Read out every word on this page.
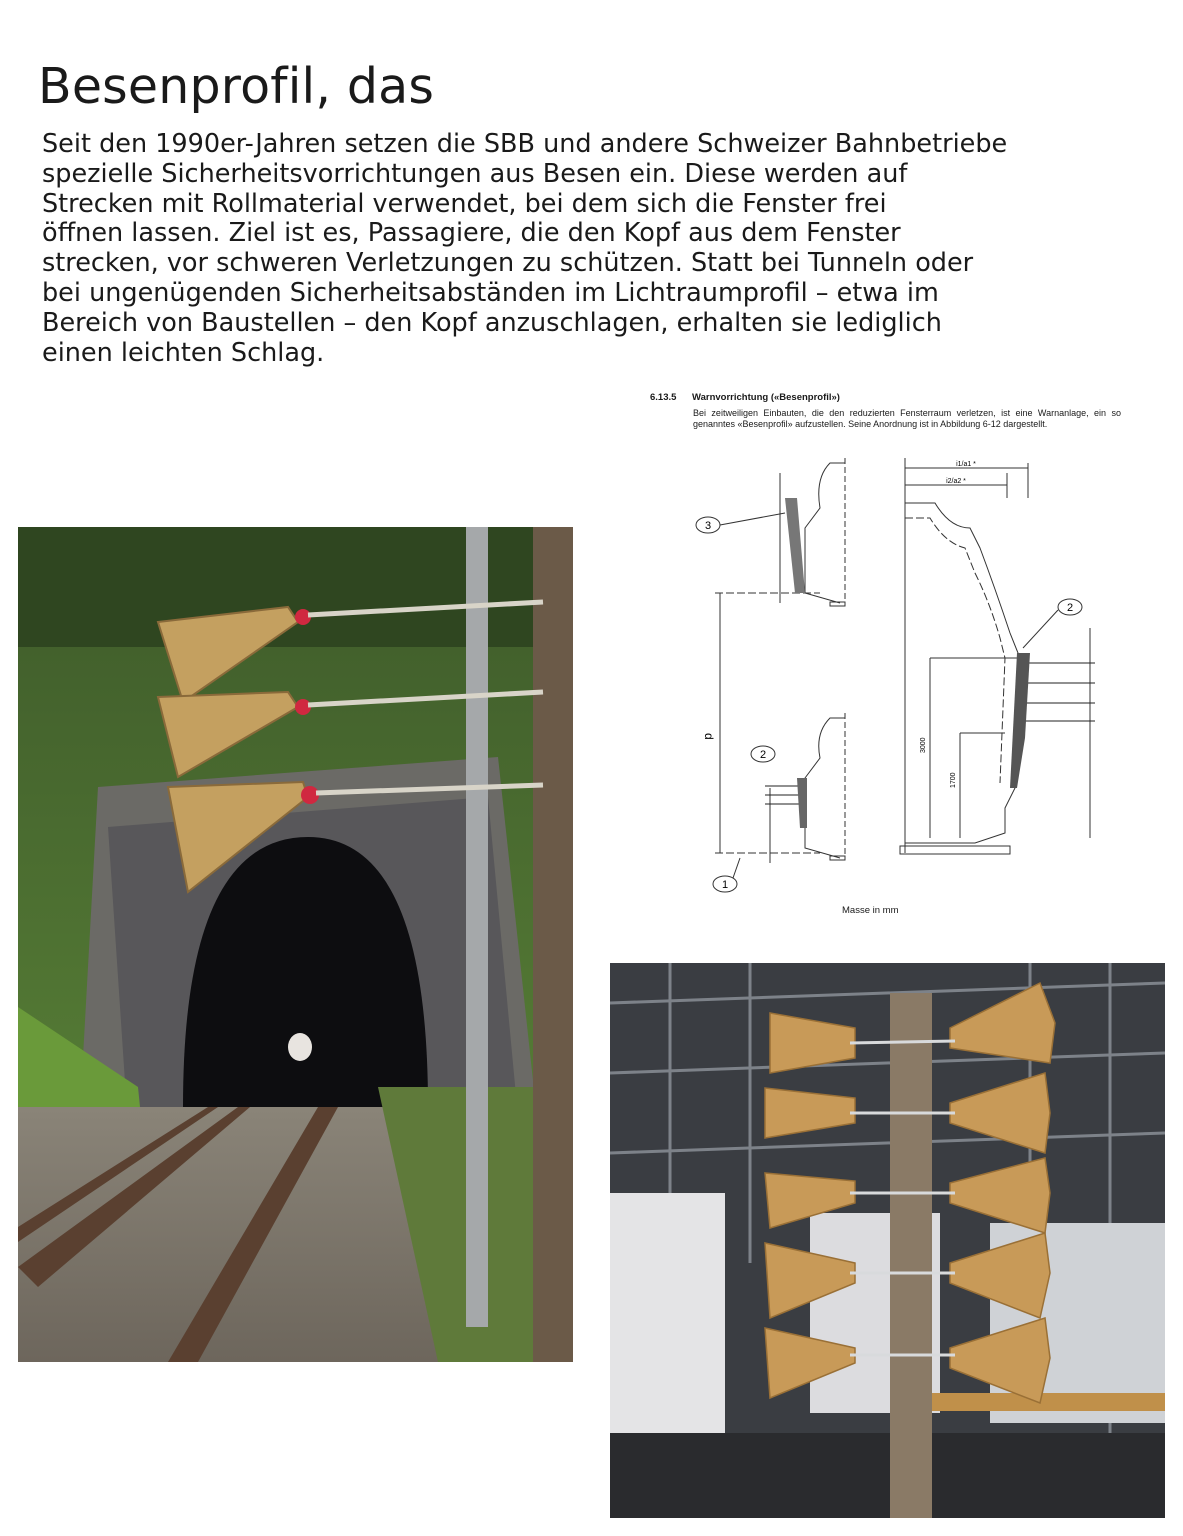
Besenprofil, das
Seit den 1990er-Jahren setzen die SBB und andere Schweizer Bahnbetriebe
spezielle Sicherheitsvorrichtungen aus Besen ein. Diese werden auf
Strecken mit Rollmaterial verwendet, bei dem sich die Fenster frei
öffnen lassen. Ziel ist es, Passagiere, die den Kopf aus dem Fenster
strecken, vor schweren Verletzungen zu schützen. Statt bei Tunneln oder
bei ungenügenden Sicherheitsabständen im Lichtraumprofil – etwa im
Bereich von Baustellen – den Kopf anzuschlagen, erhalten sie lediglich
einen leichten Schlag.
6.13.5 Warnvorrichtung («Besenprofil»)
Bei zeitweiligen Einbauten, die den reduzierten Fensterraum verletzen, ist eine Warnanlage, ein so genanntes «Besenprofil» aufzustellen. Seine Anordnung ist in Abbildung 6-12 dargestellt.
3
2
2
1
i1/a1 *
i2/a2 *
d
3000
1700
Masse in mm
